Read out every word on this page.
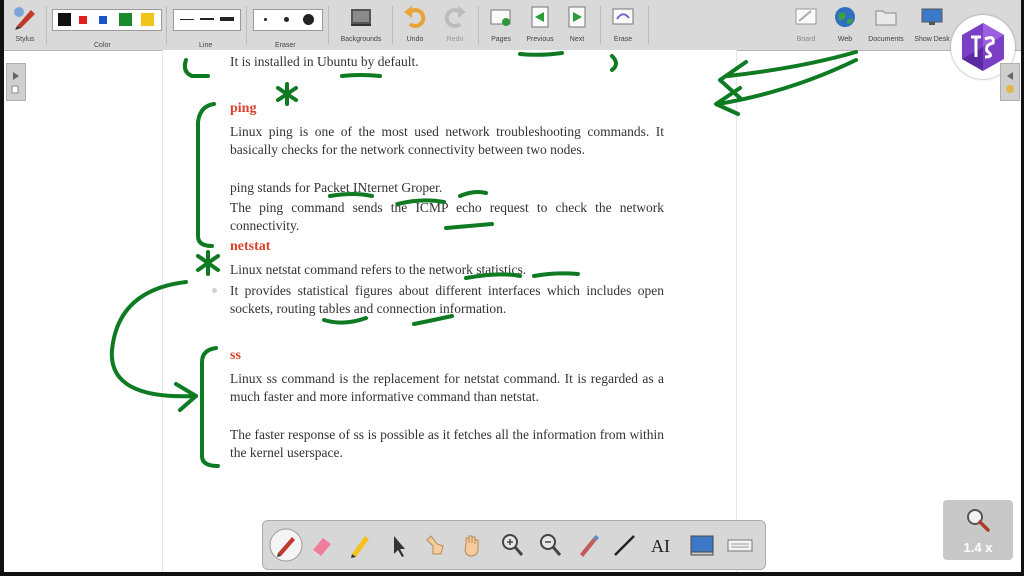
Stylus
Color	Line	Eraser
Backgrounds	Undo	Redo	Pages	Previous	Next	Erase	Board	Web	Documents	Show Desk
It is installed in Ubuntu by default.
ping
Linux ping is one of the most used network troubleshooting commands. It basically checks for the network connectivity between two nodes.
ping stands for Packet INternet Groper.
The ping command sends the ICMP echo request to check the network connectivity.
netstat
Linux netstat command refers to the network statistics.
It provides statistical figures about different interfaces which includes open sockets, routing tables and connection information.
ss
Linux ss command is the replacement for netstat command. It is regarded as a much faster and more informative command than netstat.
The faster response of ss is possible as it fetches all the information from within the kernel userspace.
AI	1.4 x
